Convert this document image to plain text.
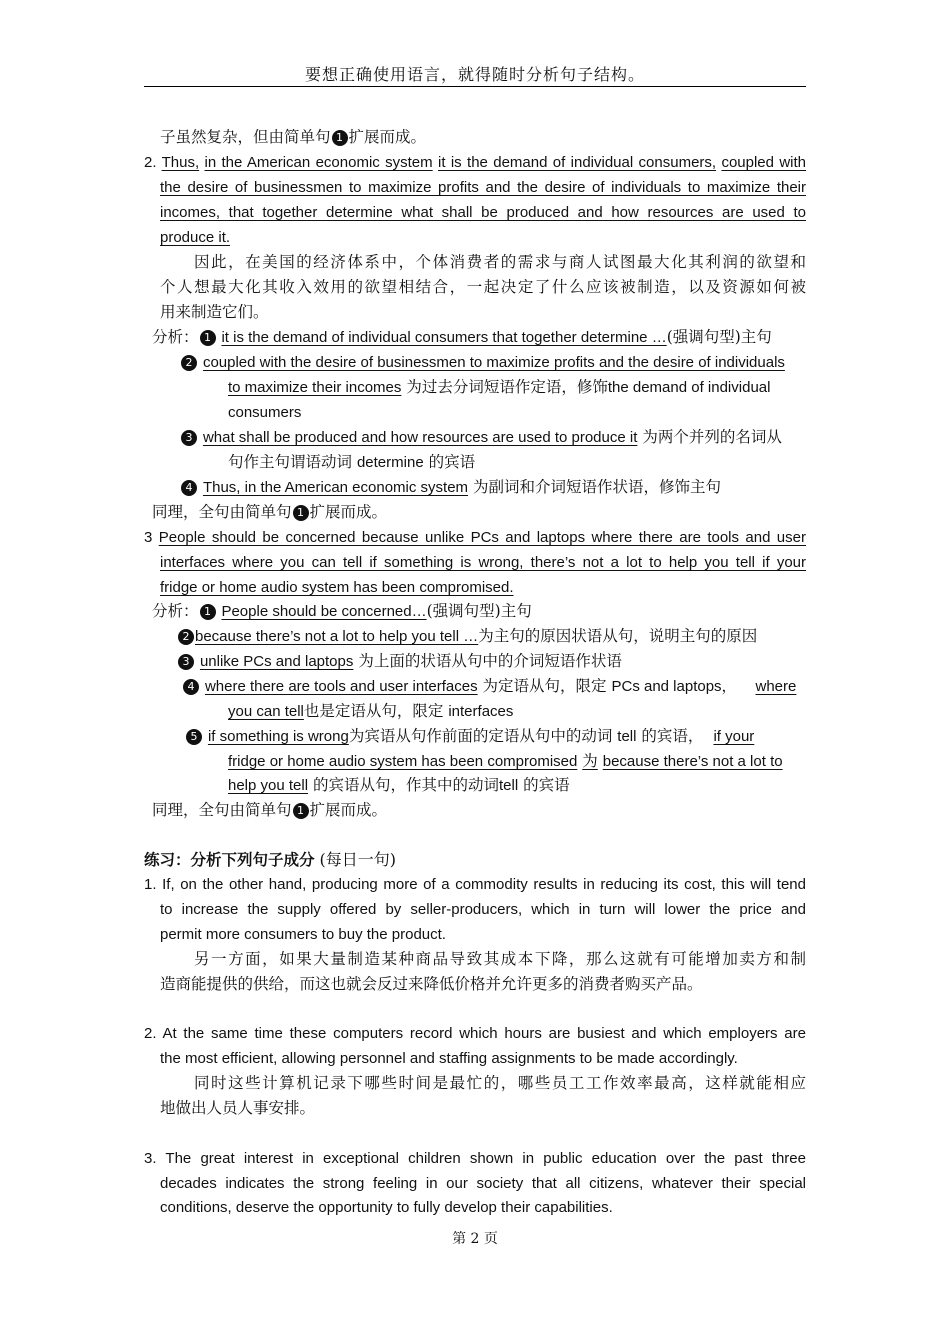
要想正确使用语言，就得随时分析句子结构。
子虽然复杂，但由简单句 1 扩展而成。
2. Thus, in the American economic system it is the demand of individual consumers, coupled with
the desire of businessmen to maximize profits and the desire of individuals to maximize their
incomes, that together determine what shall be produced and how resources are used to
produce it.
因此，在美国的经济体系中，个体消费者的需求与商人试图最大化其利润的欲望和
个人想最大化其收入效用的欲望相结合，一起决定了什么应该被制造，以及资源如何被
用来制造它们。
分析： 1 it is the demand of individual consumers that together determine …(强调句型)主句
2 coupled with the desire of businessmen to maximize profits and the desire of individuals
to maximize their incomes 为过去分词短语作定语，修饰the demand of individual
consumers
3 what shall be produced and how resources are used to produce it 为两个并列的名词从
句作主句谓语动词 determine 的宾语
4 Thus, in the American economic system 为副词和介词短语作状语，修饰主句
同理，全句由简单句 1 扩展而成。
3 People should be concerned because unlike PCs and laptops where there are tools and user
interfaces where you can tell if something is wrong, there’s not a lot to help you tell if your
fridge or home audio system has been compromised.
分析： 1 People should be concerned…(强调句型)主句
2 because there’s not a lot to help you tell …为主句的原因状语从句，说明主句的原因
3 unlike PCs and laptops 为上面的状语从句中的介词短语作状语
4 where there are tools and user interfaces 为定语从句，限定 PCs and laptops， where
you can tell也是定语从句，限定 interfaces
5 if something is wrong为宾语从句作前面的定语从句中的动词 tell 的宾语， if your
fridge or home audio system has been compromised 为 because there’s not a lot to
help you tell 的宾语从句，作其中的动词tell 的宾语
同理，全句由简单句 1 扩展而成。
练习：分析下列句子成分 (每日一句)
1. If, on the other hand, producing more of a commodity results in reducing its cost, this will tend
to increase the supply offered by seller-producers, which in turn will lower the price and
permit more consumers to buy the product.
另一方面，如果大量制造某种商品导致其成本下降，那么这就有可能增加卖方和制
造商能提供的供给，而这也就会反过来降低价格并允许更多的消费者购买产品。
2. At the same time these computers record which hours are busiest and which employers are
the most efficient, allowing personnel and staffing assignments to be made accordingly.
同时这些计算机记录下哪些时间是最忙的，哪些员工工作效率最高，这样就能相应
地做出人员人事安排。
3. The great interest in exceptional children shown in public education over the past three
decades indicates the strong feeling in our society that all citizens, whatever their special
conditions, deserve the opportunity to fully develop their capabilities.
第 2 页
